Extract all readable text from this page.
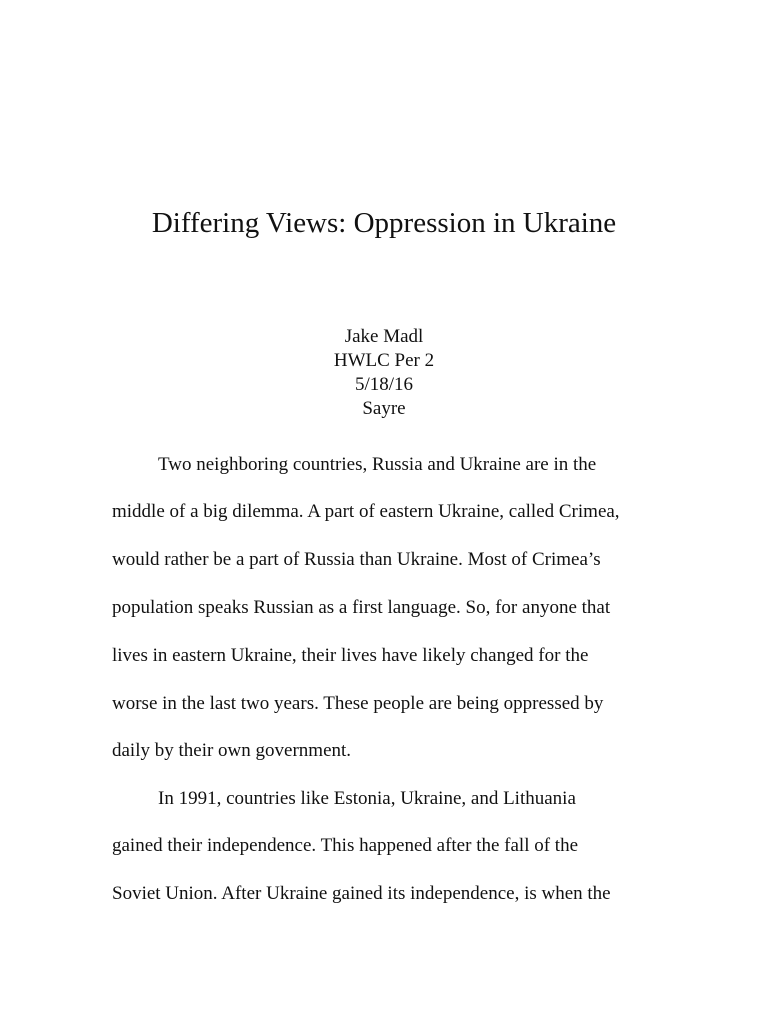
Differing Views: Oppression in Ukraine
Jake Madl
HWLC Per 2
5/18/16
Sayre
Two neighboring countries, Russia and Ukraine are in the
middle of a big dilemma. A part of eastern Ukraine, called Crimea,
would rather be a part of Russia than Ukraine. Most of Crimea’s
population speaks Russian as a first language. So, for anyone that
lives in eastern Ukraine, their lives have likely changed for the
worse in the last two years. These people are being oppressed by
daily by their own government.
In 1991, countries like Estonia, Ukraine, and Lithuania
gained their independence. This happened after the fall of the
Soviet Union. After Ukraine gained its independence, is when the
